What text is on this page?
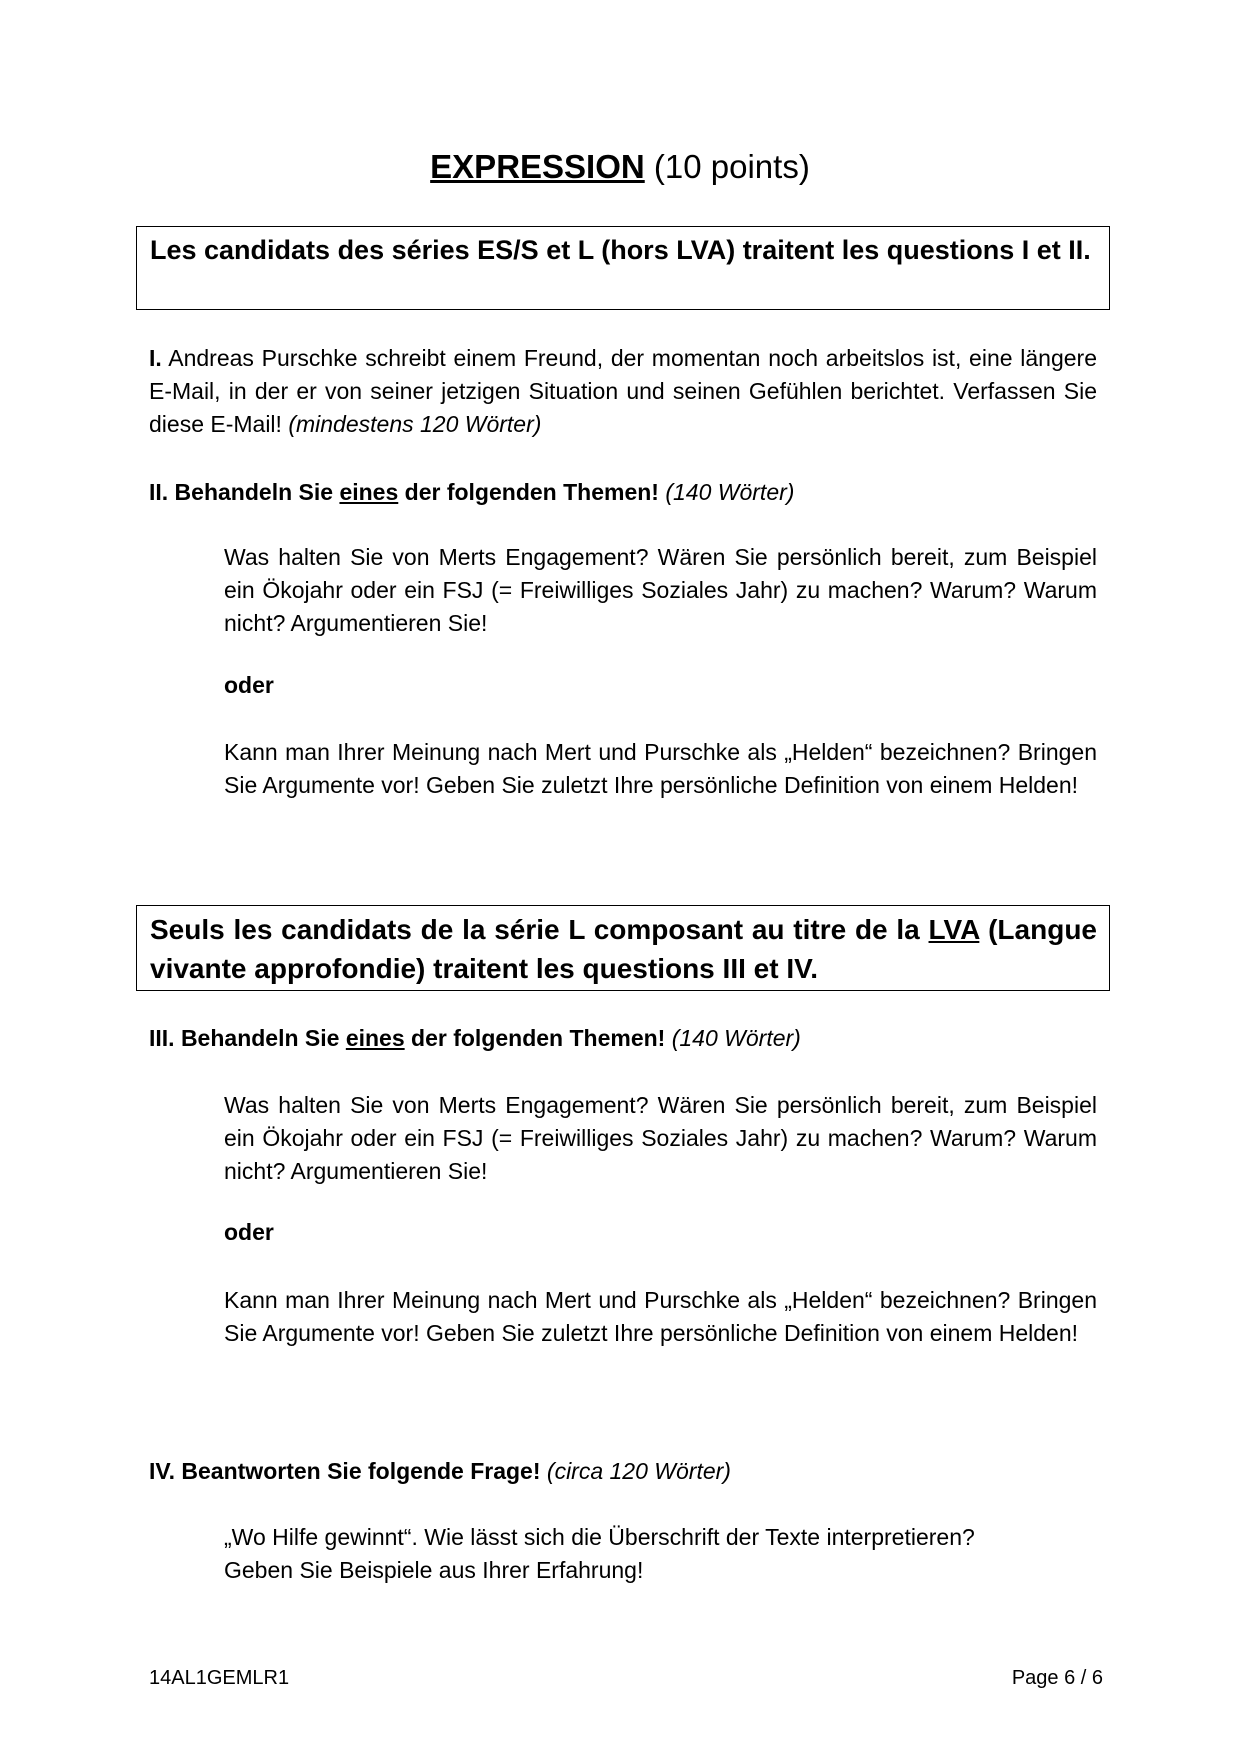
EXPRESSION (10 points)
Les candidats des séries ES/S et L (hors LVA) traitent les questions I et II.
I. Andreas Purschke schreibt einem Freund, der momentan noch arbeitslos ist, eine längere E-Mail, in der er von seiner jetzigen Situation und seinen Gefühlen berichtet. Verfassen Sie diese E-Mail! (mindestens 120 Wörter)
II. Behandeln Sie eines der folgenden Themen! (140 Wörter)
Was halten Sie von Merts Engagement? Wären Sie persönlich bereit, zum Beispiel ein Ökojahr oder ein FSJ (= Freiwilliges Soziales Jahr) zu machen? Warum? Warum nicht? Argumentieren Sie!
oder
Kann man Ihrer Meinung nach Mert und Purschke als „Helden“ bezeichnen? Bringen Sie Argumente vor! Geben Sie zuletzt Ihre persönliche Definition von einem Helden!
Seuls les candidats de la série L composant au titre de la LVA (Langue vivante approfondie) traitent les questions III et IV.
III. Behandeln Sie eines der folgenden Themen! (140 Wörter)
Was halten Sie von Merts Engagement? Wären Sie persönlich bereit, zum Beispiel ein Ökojahr oder ein FSJ (= Freiwilliges Soziales Jahr) zu machen? Warum? Warum nicht? Argumentieren Sie!
oder
Kann man Ihrer Meinung nach Mert und Purschke als „Helden“ bezeichnen? Bringen Sie Argumente vor! Geben Sie zuletzt Ihre persönliche Definition von einem Helden!
IV. Beantworten Sie folgende Frage! (circa 120 Wörter)
„Wo Hilfe gewinnt“. Wie lässt sich die Überschrift der Texte interpretieren?
Geben Sie Beispiele aus Ihrer Erfahrung!
14AL1GEMLR1	Page 6 / 6
